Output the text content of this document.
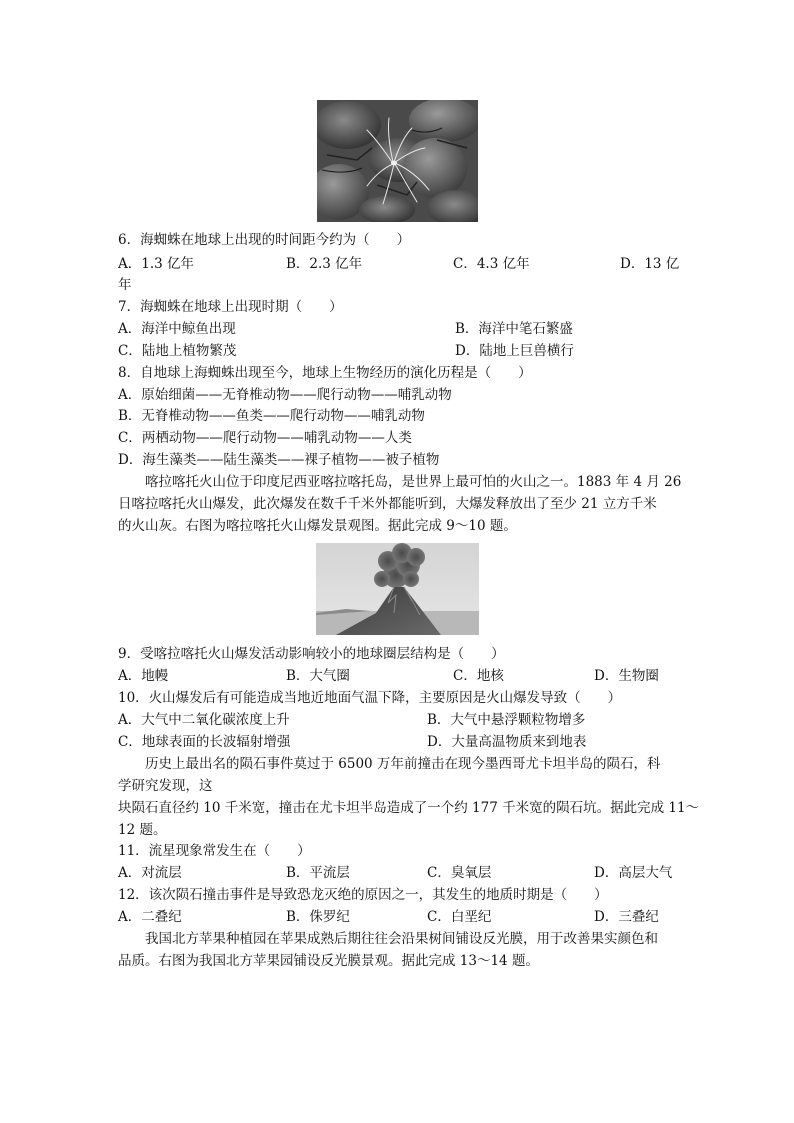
6．海蜘蛛在地球上出现的时间距今约为（　　）
A．1.3 亿年	B．2.3 亿年	C．4.3 亿年	D．13 亿
年
7．海蜘蛛在地球上出现时期（　　）
A．海洋中鲸鱼出现	B．海洋中笔石繁盛
C．陆地上植物繁茂	D．陆地上巨兽横行
8．自地球上海蜘蛛出现至今，地球上生物经历的演化历程是（　　）
A．原始细菌——无脊椎动物——爬行动物——哺乳动物
B．无脊椎动物——鱼类——爬行动物——哺乳动物
C．两栖动物——爬行动物——哺乳动物——人类
D．海生藻类——陆生藻类——裸子植物——被子植物
喀拉喀托火山位于印度尼西亚喀拉喀托岛，是世界上最可怕的火山之一。1883 年 4 月 26
日喀拉喀托火山爆发，此次爆发在数千千米外都能听到，大爆发释放出了至少 21 立方千米
的火山灰。右图为喀拉喀托火山爆发景观图。据此完成 9～10 题。
9．受喀拉喀托火山爆发活动影响较小的地球圈层结构是（　　）
A．地幔	B．大气圈	C．地核	D．生物圈
10．火山爆发后有可能造成当地近地面气温下降，主要原因是火山爆发导致（　　）
A．大气中二氧化碳浓度上升	B．大气中悬浮颗粒物增多
C．地球表面的长波辐射增强	D．大量高温物质来到地表
历史上最出名的陨石事件莫过于 6500 万年前撞击在现今墨西哥尤卡坦半岛的陨石，科
学研究发现，这
块陨石直径约 10 千米宽，撞击在尤卡坦半岛造成了一个约 177 千米宽的陨石坑。据此完成 11～
12 题。
11．流星现象常发生在（　　）
A．对流层	B．平流层	C．臭氧层	D．高层大气
12．该次陨石撞击事件是导致恐龙灭绝的原因之一，其发生的地质时期是（　　）
A．二叠纪	B．侏罗纪	C．白垩纪	D．三叠纪
我国北方苹果种植园在苹果成熟后期往往会沿果树间铺设反光膜，用于改善果实颜色和
品质。右图为我国北方苹果园铺设反光膜景观。据此完成 13～14 题。
